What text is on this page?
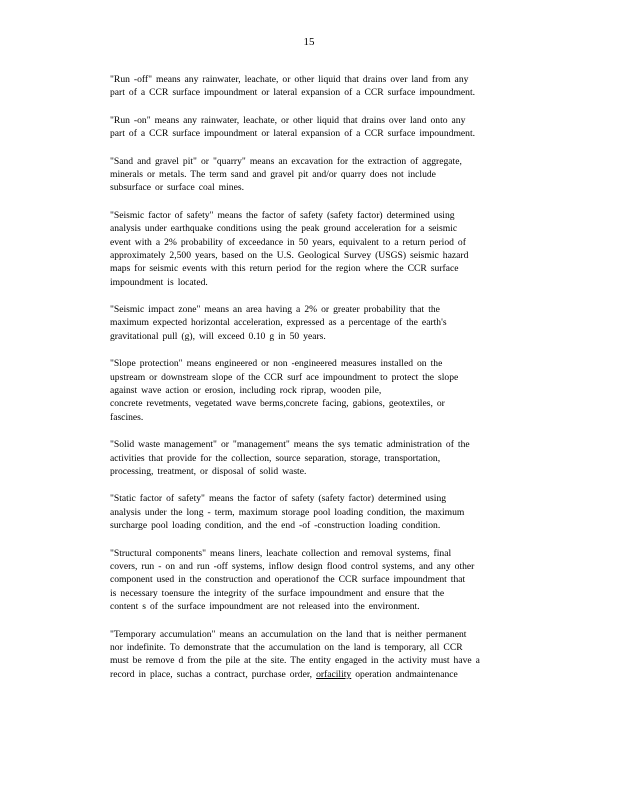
15
"Run -off" means any rainwater, leachate, or other liquid that drains over land from any
part of a CCR surface impoundment or lateral expansion of a CCR surface impoundment.
"Run -on" means any rainwater, leachate, or other liquid that drains over land onto any
part of a CCR surface impoundment or lateral expansion of a CCR surface impoundment.
"Sand and gravel pit" or "quarry" means an excavation for the extraction of aggregate,
minerals or metals. The term sand and gravel pit and/or quarry does not include
subsurface or surface coal mines.
"Seismic factor of safety" means the factor of safety (safety factor) determined using
analysis under earthquake conditions using the peak ground acceleration for a seismic
event with a 2% probability of exceedance in 50 years, equivalent to a return period of
approximately 2,500 years, based on the U.S. Geological Survey (USGS) seismic hazard
maps for seismic events with this return period for the region where the CCR surface
impoundment is located.
"Seismic impact zone" means an area having a 2% or greater probability that the
maximum expected horizontal acceleration, expressed as a percentage of the earth's
gravitational pull (g), will exceed 0.10 g in 50 years.
"Slope protection" means engineered or non -engineered measures installed on the
upstream or downstream slope of the CCR surf ace impoundment to protect the slope
against wave action or erosion, including rock riprap, wooden pile,
concrete revetments, vegetated wave berms,concrete facing, gabions, geotextiles, or
fascines.
"Solid waste management" or "management" means the sys tematic administration of the
activities that provide for the collection, source separation, storage, transportation,
processing, treatment, or disposal of solid waste.
"Static factor of safety" means the factor of safety (safety factor) determined using
analysis under the long - term, maximum storage pool loading condition, the maximum
surcharge pool loading condition, and the end -of -construction loading condition.
"Structural components" means liners, leachate collection and removal systems, final
covers, run - on and run -off systems, inflow design flood control systems, and any other
component used in the construction and operationof the CCR surface impoundment that
is necessary toensure the integrity of the surface impoundment and ensure that the
content s of the surface impoundment are not released into the environment.
"Temporary accumulation" means an accumulation on the land that is neither permanent
nor indefinite. To demonstrate that the accumulation on the land is temporary, all CCR
must be remove d from the pile at the site. The entity engaged in the activity must have a
record in place, suchas a contract, purchase order, orfacility operation andmaintenance
